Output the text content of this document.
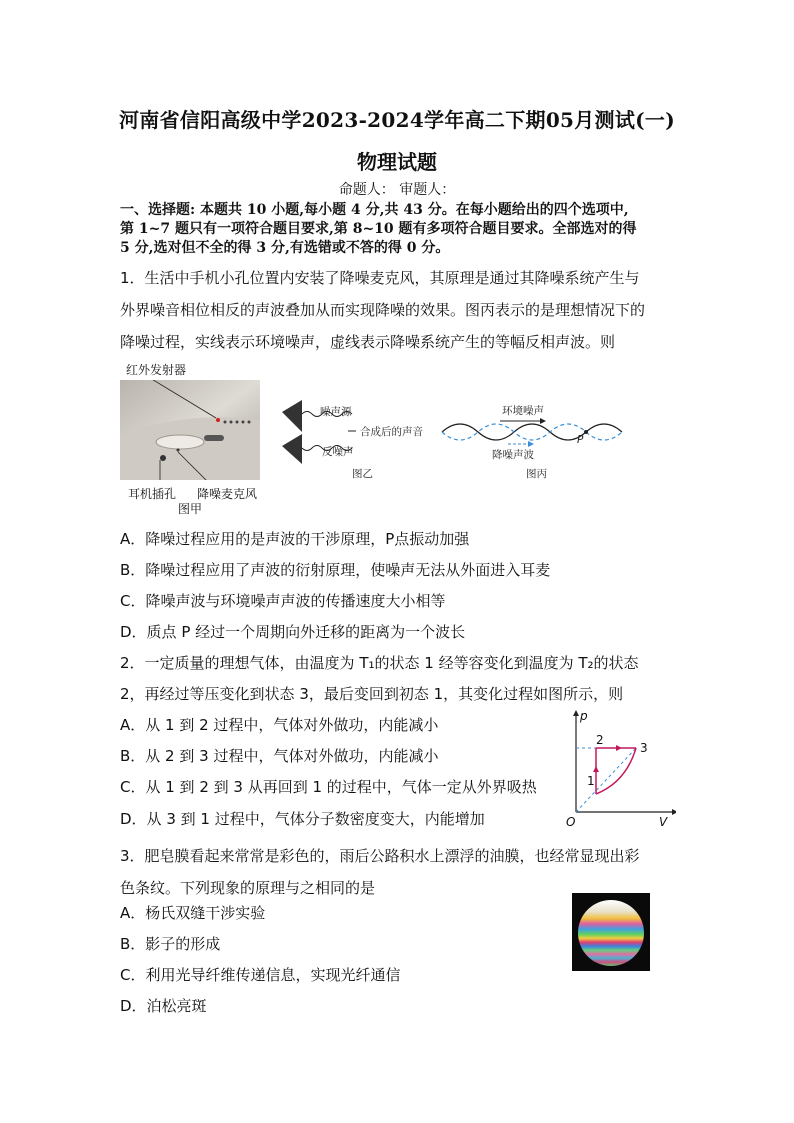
河南省信阳高级中学2023-2024学年高二下期05月测试(一)
物理试题
命题人： 审题人：
一、选择题: 本题共 10 小题,每小题 4 分,共 43 分。在每小题给出的四个选项中,
第 1~7 题只有一项符合题目要求,第 8~10 题有多项符合题目要求。全部选对的得
5 分,选对但不全的得 3 分,有选错或不答的得 0 分。
1．生活中手机小孔位置内安装了降噪麦克风，其原理是通过其降噪系统产生与
外界噪音相位相反的声波叠加从而实现降噪的效果。图丙表示的是理想情况下的
降噪过程，实线表示环境噪声，虚线表示降噪系统产生的等幅反相声波。则
红外发射器
耳机插孔 降噪麦克风
图甲
噪声源
合成后的声音
反噪声
图乙
环境噪声
降噪声波
P
图丙
A．降噪过程应用的是声波的干涉原理，P点振动加强
B．降噪过程应用了声波的衍射原理，使噪声无法从外面进入耳麦
C．降噪声波与环境噪声声波的传播速度大小相等
D．质点 P 经过一个周期向外迁移的距离为一个波长
2．一定质量的理想气体，由温度为 T₁的状态 1 经等容变化到温度为 T₂的状态
2，再经过等压变化到状态 3，最后变回到初态 1，其变化过程如图所示，则
A．从 1 到 2 过程中，气体对外做功，内能减小
B．从 2 到 3 过程中，气体对外做功，内能减小
C．从 1 到 2 到 3 从再回到 1 的过程中，气体一定从外界吸热
D．从 3 到 1 过程中，气体分子数密度变大，内能增加
p
V
O
1
2
3
3．肥皂膜看起来常常是彩色的，雨后公路积水上漂浮的油膜，也经常显现出彩
色条纹。下列现象的原理与之相同的是
A．杨氏双缝干涉实验
B．影子的形成
C．利用光导纤维传递信息，实现光纤通信
D．泊松亮斑
